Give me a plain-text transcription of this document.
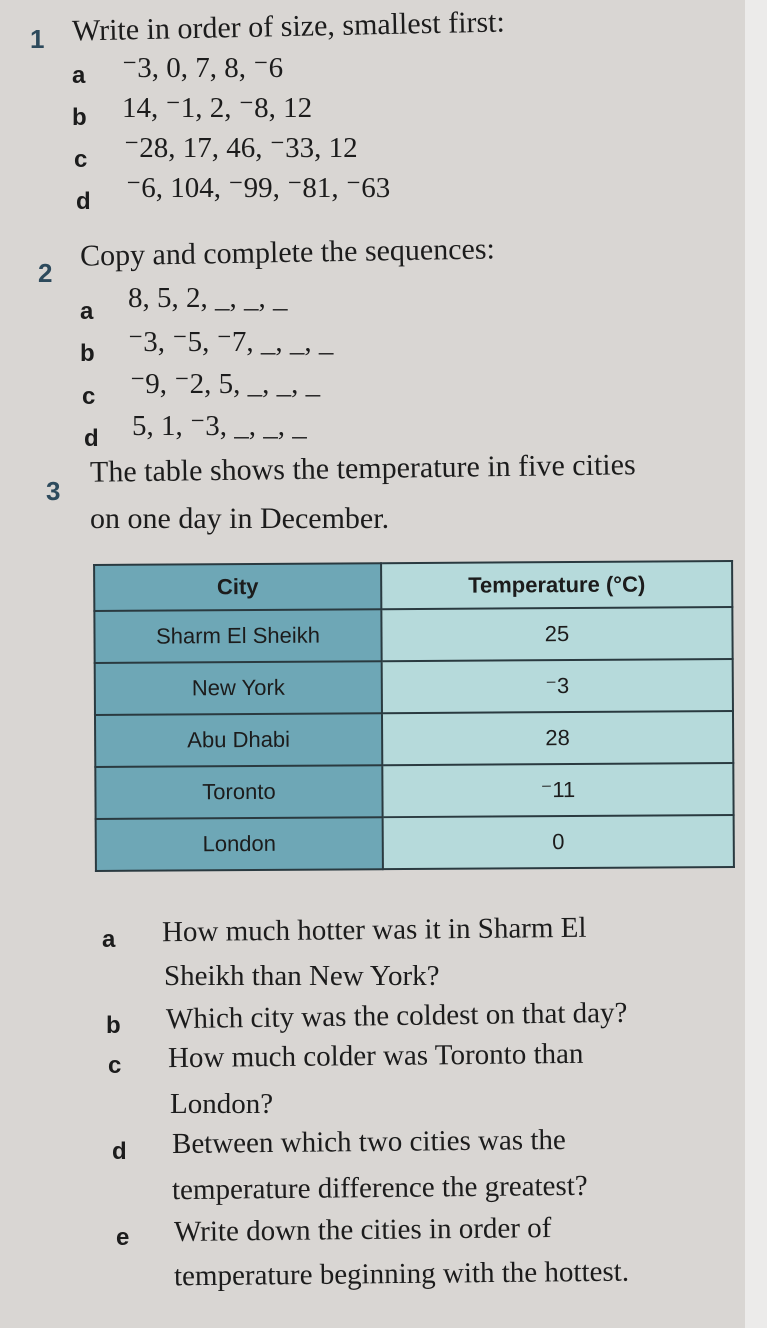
1 Write in order of size, smallest first:
a ⁻3, 0, 7, 8, ⁻6
b 14, ⁻1, 2, ⁻8, 12
c ⁻28, 17, 46, ⁻33, 12
d ⁻6, 104, ⁻99, ⁻81, ⁻63
2
Copy and complete the sequences:
a 8, 5, 2, _, _, _
b ⁻3, ⁻5, ⁻7, _, _, _
c ⁻9, ⁻2, 5, _, _, _
d 5, 1, ⁻3, _, _, _
3
The table shows the temperature in five cities
on one day in December.
City	Temperature (°C)
Sharm El Sheikh	25
New York	⁻3
Abu Dhabi	28
Toronto	⁻11
London	0
a How much hotter was it in Sharm El
Sheikh than New York?
b Which city was the coldest on that day?
c How much colder was Toronto than
London?
d Between which two cities was the
temperature difference the greatest?
e Write down the cities in order of
temperature beginning with the hottest.
